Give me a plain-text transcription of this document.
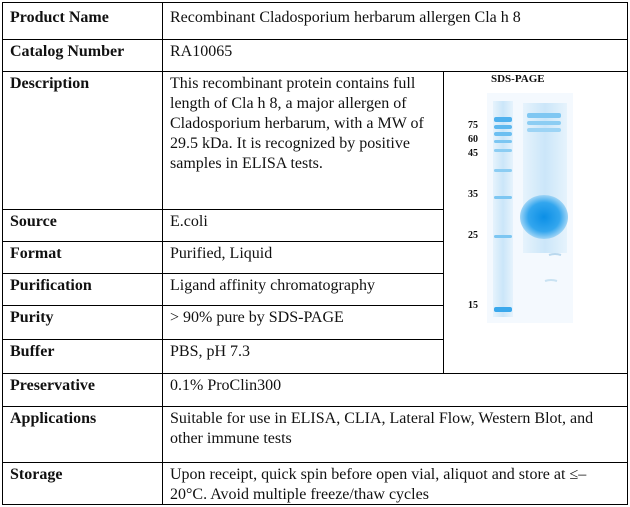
Product Name
Catalog Number
Description
Source
Format
Purification
Purity
Buffer
Preservative
Applications
Storage
Recombinant Cladosporium herbarum allergen Cla h 8
RA10065
This recombinant protein contains full length of Cla h 8, a major allergen of Cladosporium herbarum, with a MW of 29.5 kDa. It is recognized by positive samples in ELISA tests.
E.coli
Purified, Liquid
Ligand affinity chromatography
> 90% pure by SDS-PAGE
PBS, pH 7.3
0.1% ProClin300
Suitable for use in ELISA, CLIA, Lateral Flow, Western Blot, and other immune tests
Upon receipt, quick spin before open vial, aliquot and store at ≤–20°C. Avoid multiple freeze/thaw cycles
SDS-PAGE
75
60
45
35
25
15
